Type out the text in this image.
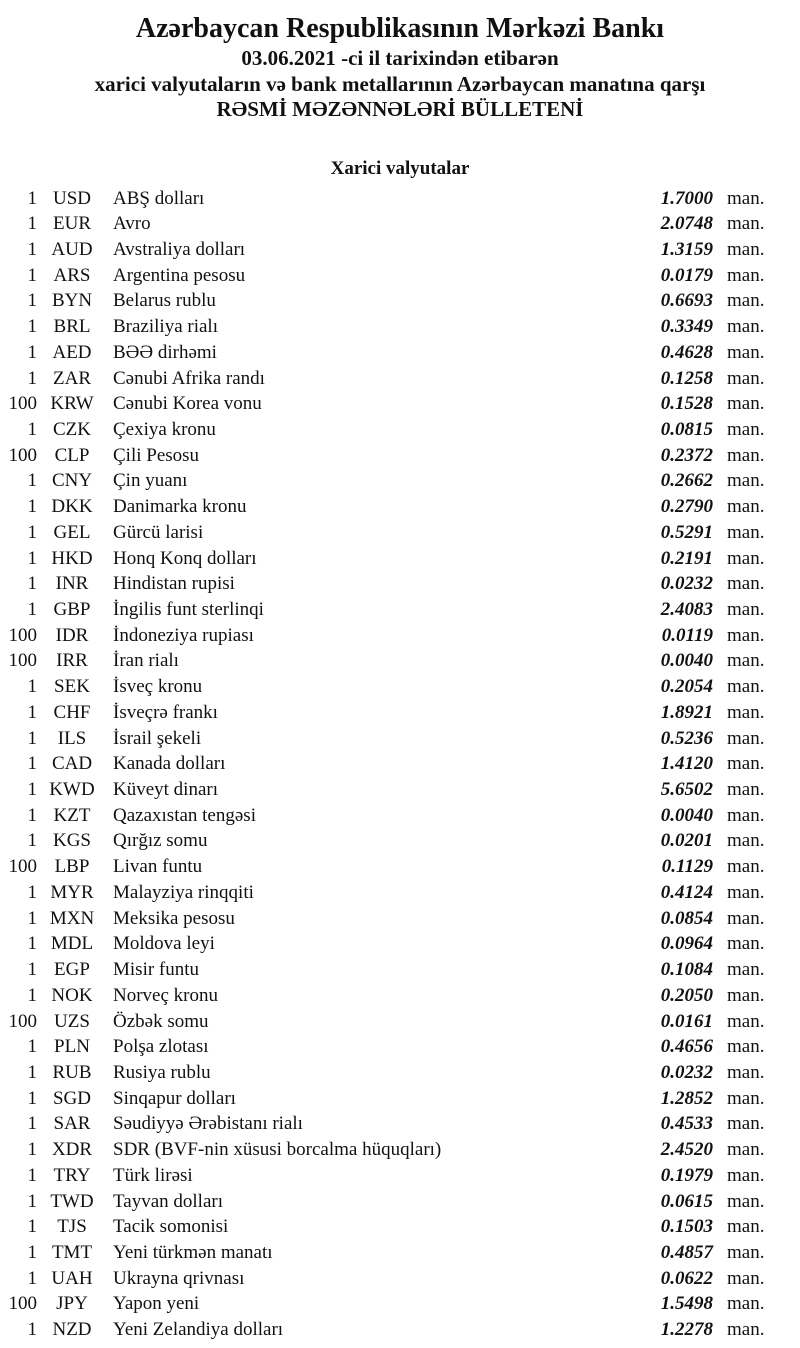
Azərbaycan Respublikasının Mərkəzi Bankı
03.06.2021 -ci il tarixindən etibarən
xarici valyutaların və bank metallarının Azərbaycan manatına qarşı
RƏSMİ MƏZƏNNƏLƏRİ BÜLLETENİ
Xarici valyutalar
1 USD	ABŞ dolları	1.7000 man.
1 EUR	Avro	2.0748 man.
1 AUD	Avstraliya dolları	1.3159 man.
1 ARS	Argentina pesosu	0.0179 man.
1 BYN	Belarus rublu	0.6693 man.
1 BRL	Braziliya rialı	0.3349 man.
1 AED	BƏƏ dirhəmi	0.4628 man.
1 ZAR	Cənubi Afrika randı	0.1258 man.
100 KRW	Cənubi Korea vonu	0.1528 man.
1 CZK	Çexiya kronu	0.0815 man.
100 CLP	Çili Pesosu	0.2372 man.
1 CNY	Çin yuanı	0.2662 man.
1 DKK	Danimarka kronu	0.2790 man.
1 GEL	Gürcü larisi	0.5291 man.
1 HKD	Honq Konq dolları	0.2191 man.
1 INR	Hindistan rupisi	0.0232 man.
1 GBP	İngilis funt sterlinqi	2.4083 man.
100 IDR	İndoneziya rupiası	0.0119 man.
100	IRR	İran rialı	0.0040 man.
1 SEK	İsveç kronu	0.2054 man.
1 CHF	İsveçrə frankı	1.8921 man.
1	ILS	İsrail şekeli	0.5236 man.
1 CAD	Kanada dolları	1.4120 man.
1 KWD Küveyt dinarı	5.6502 man.
1 KZT	Qazaxıstan tengəsi	0.0040 man.
1 KGS	Qırğız somu	0.0201 man.
100 LBP	Livan funtu	0.1129 man.
1 MYR	Malayziya rinqqiti	0.4124 man.
1 MXN Meksika pesosu	0.0854 man.
1 MDL	Moldova leyi	0.0964 man.
1 EGP	Misir funtu	0.1084 man.
1 NOK	Norveç kronu	0.2050 man.
100 UZS	Özbək somu	0.0161 man.
1 PLN	Polşa zlotası	0.4656 man.
1 RUB	Rusiya rublu	0.0232 man.
1 SGD	Sinqapur dolları	1.2852 man.
1 SAR	Səudiyyə Ərəbistanı rialı	0.4533 man.
1 XDR	SDR (BVF-nin xüsusi borcalma hüquqları)	2.4520 man.
1 TRY	Türk lirəsi	0.1979 man.
1 TWD	Tayvan dolları	0.0615 man.
1	TJS	Tacik somonisi	0.1503 man.
1 TMT	Yeni türkmən manatı	0.4857 man.
1 UAH	Ukrayna qrivnası	0.0622 man.
100	JPY	Yapon yeni	1.5498 man.
1 NZD	Yeni Zelandiya dolları	1.2278 man.
